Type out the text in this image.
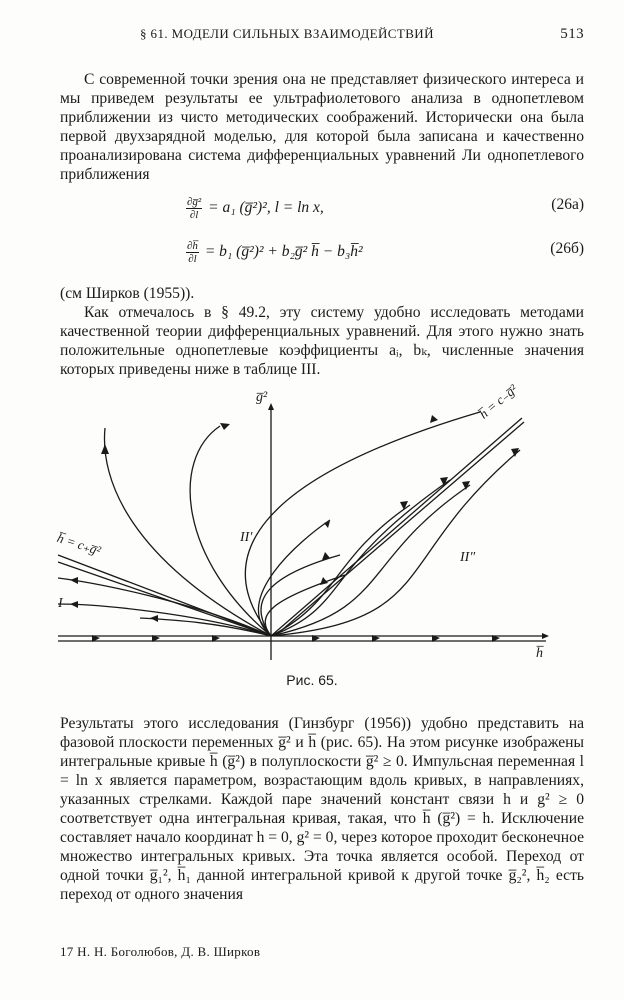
§ 61. МОДЕЛИ СИЛЬНЫХ ВЗАИМОДЕЙСТВИЙ	513
С современной точки зрения она не представляет физического интереса и мы приведем результаты ее ультрафиолетового анализа в однопетлевом приближении из чисто методических соображений. Исторически она была первой двухзарядной моделью, для которой была записана и качественно проанализирована система дифференциальных уравнений Ли однопетлевого приближения
$\frac{\text{∂g̅²}}{\partial l} = a_1$ (g̅²)², l = ln x,	(26а)
$\frac{\partial h̅}{\partial l} = b_1$ (g̅²)² + b₂g̅² h̅ − b₃h̅²	(26б)
(см Ширков (1955)).
Как отмечалось в § 49.2, эту систему удобно исследовать методами качественной теории дифференциальных уравнений. Для этого нужно знать положительные однопетлевые коэффициенты aᵢ, bₖ, численные значения которых приведены ниже в таблице III.
g̅²
h̅
h̅ = c₋g̅²
h̅ = c₊g̅²
I
II′
II″
Рис. 65.
Результаты этого исследования (Гинзбург (1956)) удобно представить на фазовой плоскости переменных g̅² и h̅ (рис. 65). На этом рисунке изображены интегральные кривые h̅ (g̅²) в полуплоскости g̅² ≥ 0. Импульсная переменная l = ln x является параметром, возрастающим вдоль кривых, в направлениях, указанных стрелками. Каждой паре значений констант связи h и g² ≥ 0 соответствует одна интегральная кривая, такая, что h̅ (g̅²) = h. Исключение составляет начало координат h = 0, g² = 0, через которое проходит бесконечное множество интегральных кривых. Эта точка является особой. Переход от одной точки g̅₁², h̅₁ данной интегральной кривой к другой точке g̅₂², h̅₂ есть переход от одного значения
17 Н. Н. Боголюбов, Д. В. Ширков
